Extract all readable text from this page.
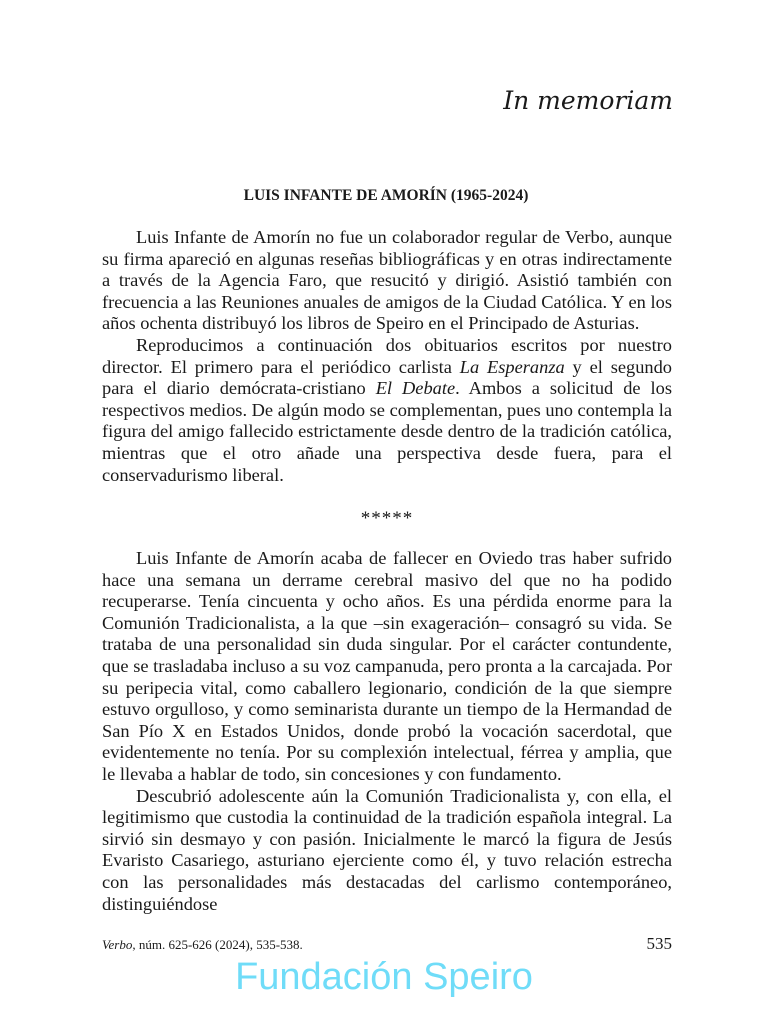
In memoriam
LUIS INFANTE DE AMORÍN (1965-2024)

Luis Infante de Amorín no fue un colaborador regular de Verbo, aunque su firma apareció en algunas reseñas bibliográficas y en otras indirectamente a través de la Agencia Faro, que resucitó y dirigió. Asistió también con frecuencia a las Reuniones anuales de amigos de la Ciudad Católica. Y en los años ochenta distribuyó los libros de Speiro en el Principado de Asturias.

Reproducimos a continuación dos obituarios escritos por nuestro director. El primero para el periódico carlista La Esperanza y el segundo para el diario demócrata-cristiano El Debate. Ambos a solicitud de los respectivos medios. De algún modo se complementan, pues uno contempla la figura del amigo fallecido estrictamente desde dentro de la tradición católica, mientras que el otro añade una perspectiva desde fuera, para el conservadurismo liberal.

*****

Luis Infante de Amorín acaba de fallecer en Oviedo tras haber sufrido hace una semana un derrame cerebral masivo del que no ha podido recuperarse. Tenía cincuenta y ocho años. Es una pérdida enorme para la Comunión Tradicionalista, a la que –sin exageración– consagró su vida. Se trataba de una personalidad sin duda singular. Por el carácter contundente, que se trasladaba incluso a su voz campanuda, pero pronta a la carcajada. Por su peripecia vital, como caballero legionario, condición de la que siempre estuvo orgulloso, y como seminarista durante un tiempo de la Hermandad de San Pío X en Estados Unidos, donde probó la vocación sacerdotal, que evidentemente no tenía. Por su complexión intelectual, férrea y amplia, que le llevaba a hablar de todo, sin concesiones y con fundamento.

Descubrió adolescente aún la Comunión Tradicionalista y, con ella, el legitimismo que custodia la continuidad de la tradición española integral. La sirvió sin desmayo y con pasión. Inicialmente le marcó la figura de Jesús Evaristo Casariego, asturiano ejerciente como él, y tuvo relación estrecha con las personalidades más destacadas del carlismo contemporáneo, distinguiéndose

Verbo, núm. 625-626 (2024), 535-538.	535
Fundación Speiro
